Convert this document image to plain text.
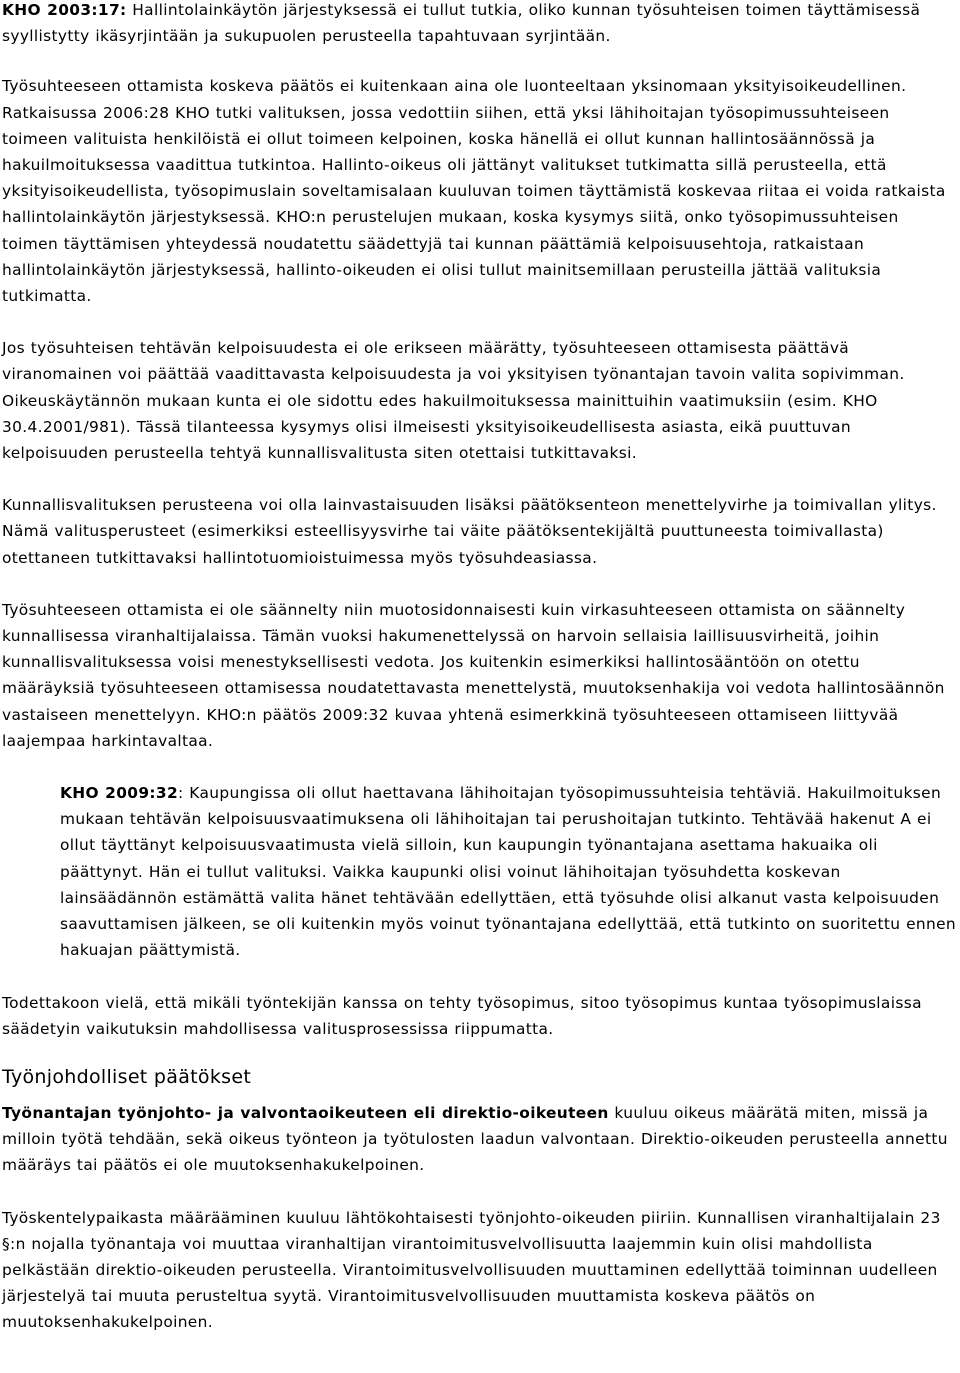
KHO 2003:17: Hallintolainkäytön järjestyksessä ei tullut tutkia, oliko kunnan työsuhteisen toimen täyttämisessä syyllistytty ikäsyrjintään ja sukupuolen perusteella tapahtuvaan syrjintään.

Työsuhteeseen ottamista koskeva päätös ei kuitenkaan aina ole luonteeltaan yksinomaan yksityisoikeudellinen. Ratkaisussa 2006:28 KHO tutki valituksen, jossa vedottiin siihen, että yksi lähihoitajan työsopimussuhteiseen toimeen valituista henkilöistä ei ollut toimeen kelpoinen, koska hänellä ei ollut kunnan hallintosäännössä ja hakuilmoituksessa vaadittua tutkintoa. Hallinto-oikeus oli jättänyt valitukset tutkimatta sillä perusteella, että yksityisoikeudellista, työsopimuslain soveltamisalaan kuuluvan toimen täyttämistä koskevaa riitaa ei voida ratkaista hallintolainkäytön järjestyksessä. KHO:n perustelujen mukaan, koska kysymys siitä, onko työsopimussuhteisen toimen täyttämisen yhteydessä noudatettu säädettyjä tai kunnan päättämiä kelpoisuusehtoja, ratkaistaan hallintolainkäytön järjestyksessä, hallinto-oikeuden ei olisi tullut mainitsemillaan perusteilla jättää valituksia tutkimatta.

Jos työsuhteisen tehtävän kelpoisuudesta ei ole erikseen määrätty, työsuhteeseen ottamisesta päättävä viranomainen voi päättää vaadittavasta kelpoisuudesta ja voi yksityisen työnantajan tavoin valita sopivimman. Oikeuskäytännön mukaan kunta ei ole sidottu edes hakuilmoituksessa mainittuihin vaatimuksiin (esim. KHO 30.4.2001/981). Tässä tilanteessa kysymys olisi ilmeisesti yksityisoikeudellisesta asiasta, eikä puuttuvan kelpoisuuden perusteella tehtyä kunnallisvalitusta siten otettaisi tutkittavaksi.

Kunnallisvalituksen perusteena voi olla lainvastaisuuden lisäksi päätöksenteon menettelyvirhe ja toimivallan ylitys. Nämä valitusperusteet (esimerkiksi esteellisyysvirhe tai väite päätöksentekijältä puuttuneesta toimivallasta) otettaneen tutkittavaksi hallintotuomioistuimessa myös työsuhdeasiassa.

Työsuhteeseen ottamista ei ole säännelty niin muotosidonnaisesti kuin virkasuhteeseen ottamista on säännelty kunnallisessa viranhaltijalaissa. Tämän vuoksi hakumenettelyssä on harvoin sellaisia laillisuusvirheitä, joihin kunnallisvalituksessa voisi menestyksellisesti vedota. Jos kuitenkin esimerkiksi hallintosääntöön on otettu määräyksiä työsuhteeseen ottamisessa noudatettavasta menettelystä, muutoksenhakija voi vedota hallintosäännön vastaiseen menettelyyn. KHO:n päätös 2009:32 kuvaa yhtenä esimerkkinä työsuhteeseen ottamiseen liittyvää laajempaa harkintavaltaa.

KHO 2009:32: Kaupungissa oli ollut haettavana lähihoitajan työsopimussuhteisia tehtäviä. Hakuilmoituksen mukaan tehtävän kelpoisuusvaatimuksena oli lähihoitajan tai perushoitajan tutkinto. Tehtävää hakenut A ei ollut täyttänyt kelpoisuusvaatimusta vielä silloin, kun kaupungin työnantajana asettama hakuaika oli päättynyt. Hän ei tullut valituksi. Vaikka kaupunki olisi voinut lähihoitajan työsuhdetta koskevan lainsäädännön estämättä valita hänet tehtävään edellyttäen, että työsuhde olisi alkanut vasta kelpoisuuden saavuttamisen jälkeen, se oli kuitenkin myös voinut työnantajana edellyttää, että tutkinto on suoritettu ennen hakuajan päättymistä.

Todettakoon vielä, että mikäli työntekijän kanssa on tehty työsopimus, sitoo työsopimus kuntaa työsopimuslaissa säädetyin vaikutuksin mahdollisessa valitusprosessissa riippumatta.

Työnjohdolliset päätökset

Työnantajan työnjohto- ja valvontaoikeuteen eli direktio-oikeuteen kuuluu oikeus määrätä miten, missä ja milloin työtä tehdään, sekä oikeus työnteon ja työtulosten laadun valvontaan. Direktio-oikeuden perusteella annettu määräys tai päätös ei ole muutoksenhakukelpoinen.

Työskentelypaikasta määrääminen kuuluu lähtökohtaisesti työnjohto-oikeuden piiriin. Kunnallisen viranhaltijalain 23 §:n nojalla työnantaja voi muuttaa viranhaltijan virantoimitusvelvollisuutta laajemmin kuin olisi mahdollista pelkästään direktio-oikeuden perusteella. Virantoimitusvelvollisuuden muuttaminen edellyttää toiminnan uudelleen järjestelyä tai muuta perusteltua syytä. Virantoimitusvelvollisuuden muuttamista koskeva päätös on muutoksenhakukelpoinen.
